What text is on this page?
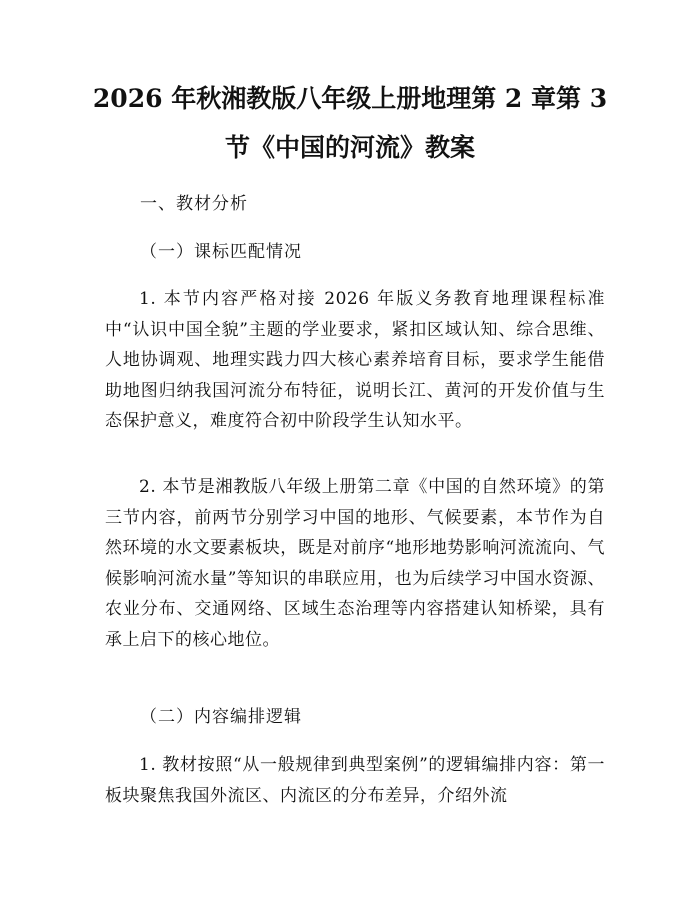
2026 年秋湘教版八年级上册地理第 2 章第 3
节《中国的河流》教案
一、教材分析
（一）课标匹配情况
1. 本节内容严格对接 2026 年版义务教育地理课程标准中“认识中国全貌”主题的学业要求，紧扣区域认知、综合思维、人地协调观、地理实践力四大核心素养培育目标，要求学生能借助地图归纳我国河流分布特征，说明长江、黄河的开发价值与生态保护意义，难度符合初中阶段学生认知水平。
2. 本节是湘教版八年级上册第二章《中国的自然环境》的第三节内容，前两节分别学习中国的地形、气候要素，本节作为自然环境的水文要素板块，既是对前序“地形地势影响河流流向、气候影响河流水量”等知识的串联应用，也为后续学习中国水资源、农业分布、交通网络、区域生态治理等内容搭建认知桥梁，具有承上启下的核心地位。
（二）内容编排逻辑
1. 教材按照“从一般规律到典型案例”的逻辑编排内容：第一板块聚焦我国外流区、内流区的分布差异，介绍外流
